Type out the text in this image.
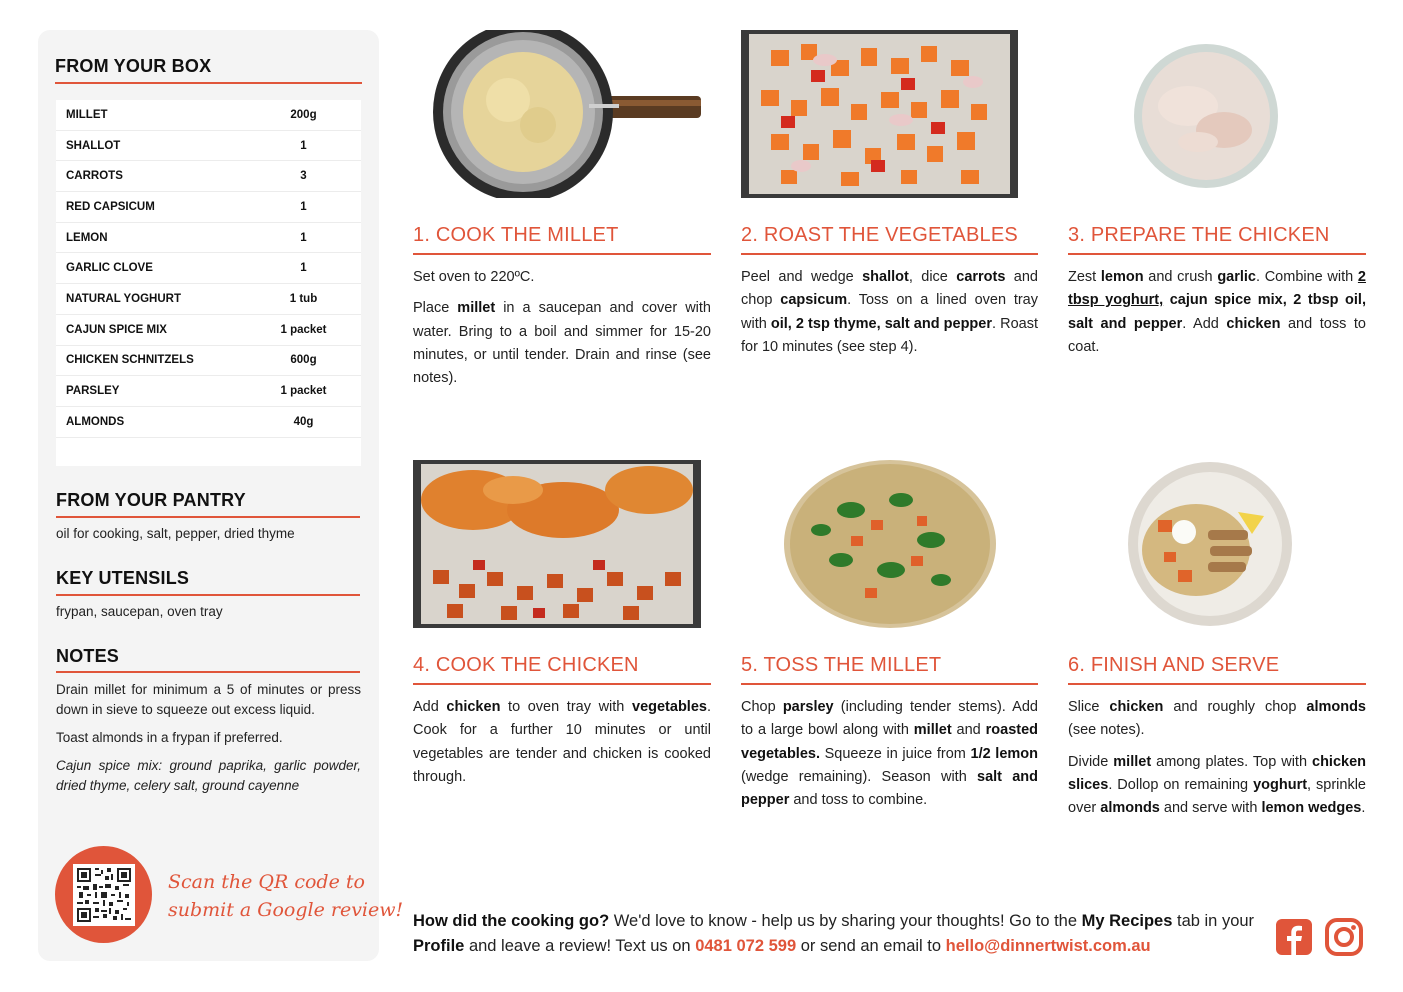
FROM YOUR BOX
MILLET	200g
SHALLOT	1
CARROTS	3
RED CAPSICUM	1
LEMON	1
GARLIC CLOVE	1
NATURAL YOGHURT	1 tub
CAJUN SPICE MIX	1 packet
CHICKEN SCHNITZELS	600g
PARSLEY	1 packet
ALMONDS	40g
FROM YOUR PANTRY
oil for cooking, salt, pepper, dried thyme
KEY UTENSILS
frypan, saucepan, oven tray
NOTES
Drain millet for minimum a 5 of minutes or press down in sieve to squeeze out excess liquid.
Toast almonds in a frypan if preferred.
Cajun spice mix: ground paprika, garlic powder, dried thyme, celery salt, ground cayenne
Scan the QR code to
submit a Google review!
1. COOK THE MILLET

Set oven to 220ºC.

Place millet in a saucepan and cover with water. Bring to a boil and simmer for 15-20 minutes, or until tender. Drain and rinse (see notes).

2. ROAST THE VEGETABLES

Peel and wedge shallot, dice carrots and chop capsicum. Toss on a lined oven tray with oil, 2 tsp thyme, salt and pepper. Roast for 10 minutes (see step 4).

3. PREPARE THE CHICKEN

Zest lemon and crush garlic. Combine with 2 tbsp yoghurt, cajun spice mix, 2 tbsp oil, salt and pepper. Add chicken and toss to coat.

4. COOK THE CHICKEN

Add chicken to oven tray with vegetables. Cook for a further 10 minutes or until vegetables are tender and chicken is cooked through.

5. TOSS THE MILLET

Chop parsley (including tender stems). Add to a large bowl along with millet and roasted vegetables. Squeeze in juice from 1/2 lemon (wedge remaining). Season with salt and pepper and toss to combine.

6. FINISH AND SERVE

Slice chicken and roughly chop almonds (see notes).

Divide millet among plates. Top with chicken slices. Dollop on remaining yoghurt, sprinkle over almonds and serve with lemon wedges.

How did the cooking go? We'd love to know - help us by sharing your thoughts! Go to the My Recipes tab in your Profile and leave a review! Text us on 0481 072 599 or send an email to hello@dinnertwist.com.au
